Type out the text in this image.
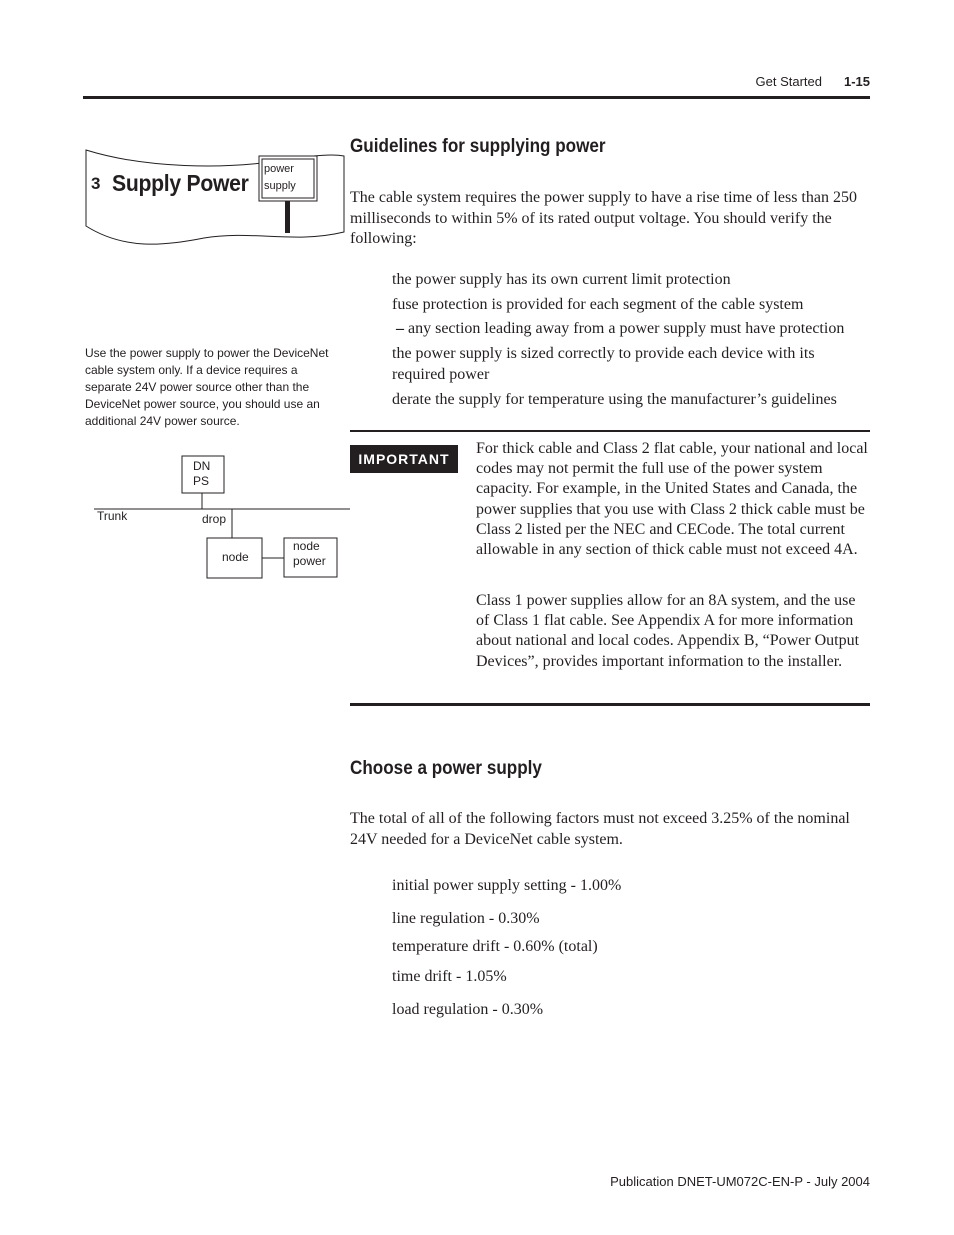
Get Started	1-15
3 Supply Power
power
supply
Use the power supply to power the DeviceNet cable system only. If a device requires a separate 24V power source other than the DeviceNet power source, you should use an additional 24V power source.
DN
PS
Trunk	drop
node
node
power
Guidelines for supplying power
The cable system requires the power supply to have a rise time of less than 250 milliseconds to within 5% of its rated output voltage. You should verify the following:
the power supply has its own current limit protection
fuse protection is provided for each segment of the cable system
– any section leading away from a power supply must have protection
the power supply is sized correctly to provide each device with its required power
derate the supply for temperature using the manufacturer’s guidelines
IMPORTANT
For thick cable and Class 2 flat cable, your national and local codes may not permit the full use of the power system capacity. For example, in the United States and Canada, the power supplies that you use with Class 2 thick cable must be Class 2 listed per the NEC and CECode. The total current allowable in any section of thick cable must not exceed 4A.
Class 1 power supplies allow for an 8A system, and the use of Class 1 flat cable. See Appendix A for more information about national and local codes. Appendix B, “Power Output Devices”, provides important information to the installer.
Choose a power supply
The total of all of the following factors must not exceed 3.25% of the nominal 24V needed for a DeviceNet cable system.
initial power supply setting - 1.00%
line regulation - 0.30%
temperature drift - 0.60% (total)
time drift - 1.05%
load regulation - 0.30%
Publication DNET-UM072C-EN-P - July 2004
